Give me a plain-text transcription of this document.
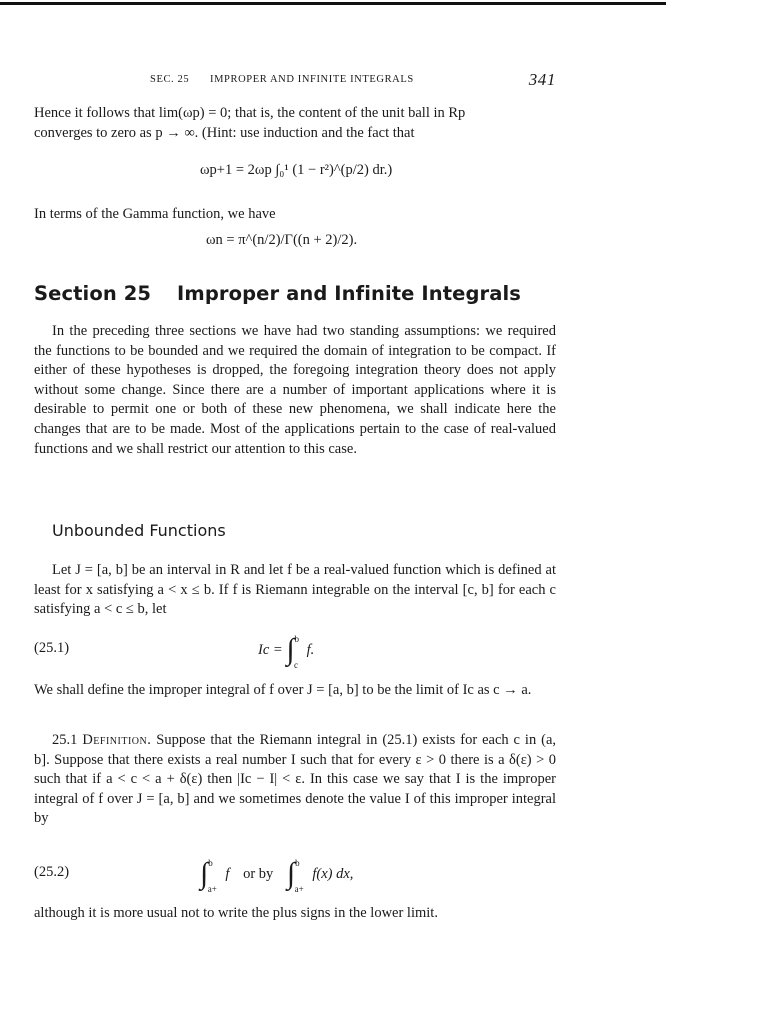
SEC. 25 IMPROPER AND INFINITE INTEGRALS	341

Hence it follows that lim(ωp) = 0; that is, the content of the unit ball in Rp

converges to zero as p → ∞. (Hint: use induction and the fact that

ωp+1 = 2ωp ∫₀¹ (1 − r²)^(p/2) dr.)
In terms of the Gamma function, we have
ωn = π^(n/2)/Γ((n + 2)/2).
Section 25 Improper and Infinite Integrals
In the preceding three sections we have had two standing assumptions: we required the functions to be bounded and we required the domain of integration to be compact. If either of these hypotheses is dropped, the foregoing integration theory does not apply without some change. Since there are a number of important applications where it is desirable to permit one or both of these new phenomena, we shall indicate here the changes that are to be made. Most of the applications pertain to the case of real-valued functions and we shall restrict our attention to this case.
Unbounded Functions
Let J = [a, b] be an interval in R and let f be a real-valued function which is defined at least for x satisfying a < x ≤ b. If f is Riemann integrable on the interval [c, b] for each c satisfying a < c ≤ b, let
(25.1)	Ic = ∫$^b_c$ f.
We shall define the improper integral of f over J = [a, b] to be the limit of Ic as c → a.
25.1 Definition. Suppose that the Riemann integral in (25.1) exists for each c in (a, b]. Suppose that there exists a real number I such that for every ε > 0 there is a δ(ε) > 0 such that if a < c < a + δ(ε) then |Ic − I| < ε. In this case we say that I is the improper integral of f over J = [a, b] and we sometimes denote the value I of this improper integral by
(25.2)	∫$^b_{a+}$ f or by ∫$^b_{a+}$ f(x) dx,
although it is more usual not to write the plus signs in the lower limit.
